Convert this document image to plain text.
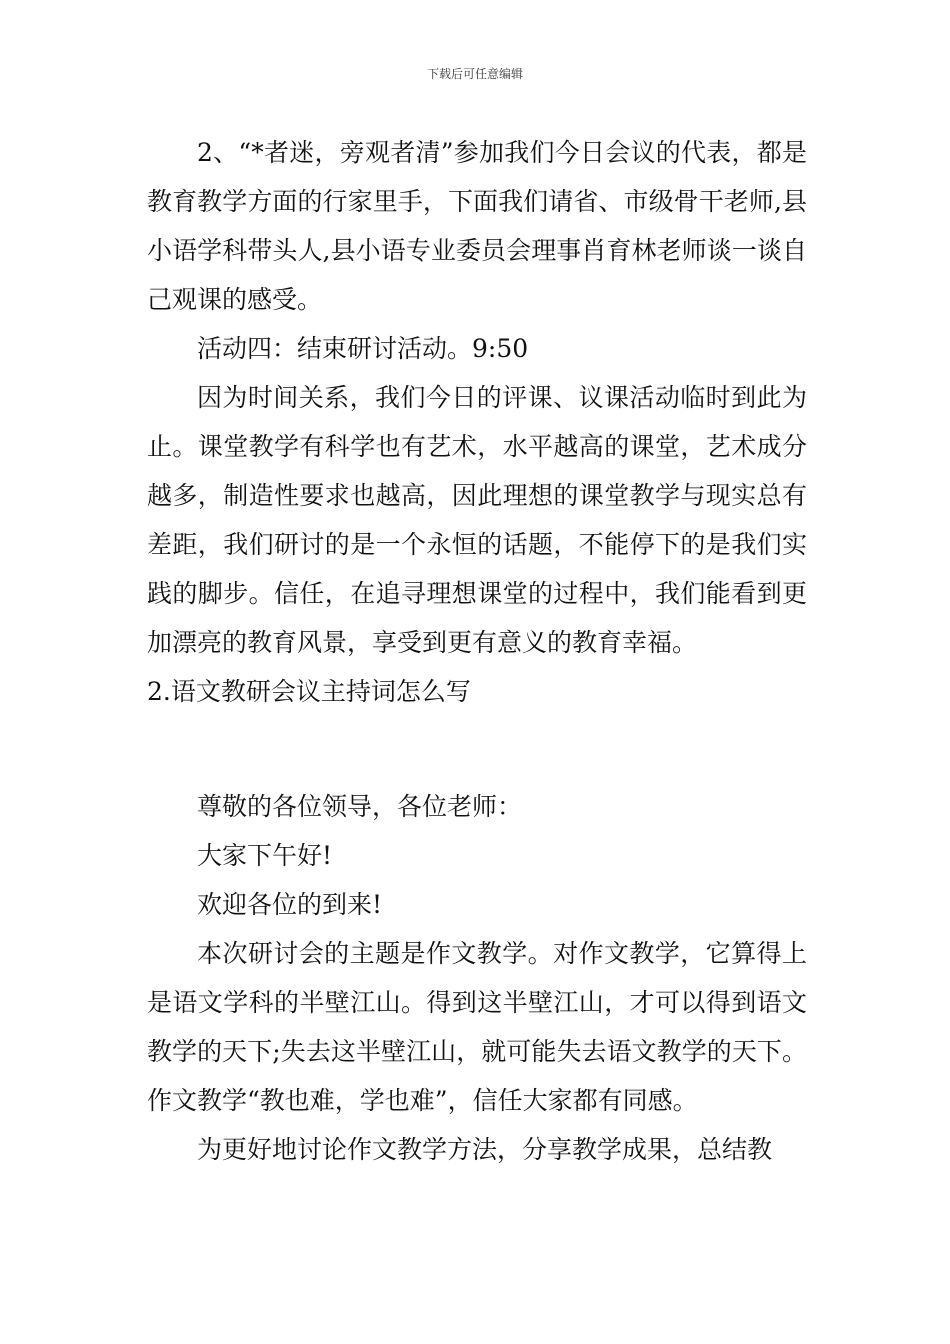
下载后可任意编辑

2、“*者迷，旁观者清”参加我们今日会议的代表，都是教育教学方面的行家里手，下面我们请省、市级骨干老师,县小语学科带头人,县小语专业委员会理事肖育林老师谈一谈自己观课的感受。

活动四：结束研讨活动。9:50

因为时间关系，我们今日的评课、议课活动临时到此为止。课堂教学有科学也有艺术，水平越高的课堂，艺术成分越多，制造性要求也越高，因此理想的课堂教学与现实总有差距，我们研讨的是一个永恒的话题，不能停下的是我们实践的脚步。信任，在追寻理想课堂的过程中，我们能看到更加漂亮的教育风景，享受到更有意义的教育幸福。

2.语文教研会议主持词怎么写

尊敬的各位领导，各位老师：

大家下午好!

欢迎各位的到来!

本次研讨会的主题是作文教学。对作文教学，它算得上是语文学科的半壁江山。得到这半壁江山，才可以得到语文教学的天下;失去这半壁江山，就可能失去语文教学的天下。作文教学“教也难，学也难”，信任大家都有同感。

为更好地讨论作文教学方法，分享教学成果，总结教
